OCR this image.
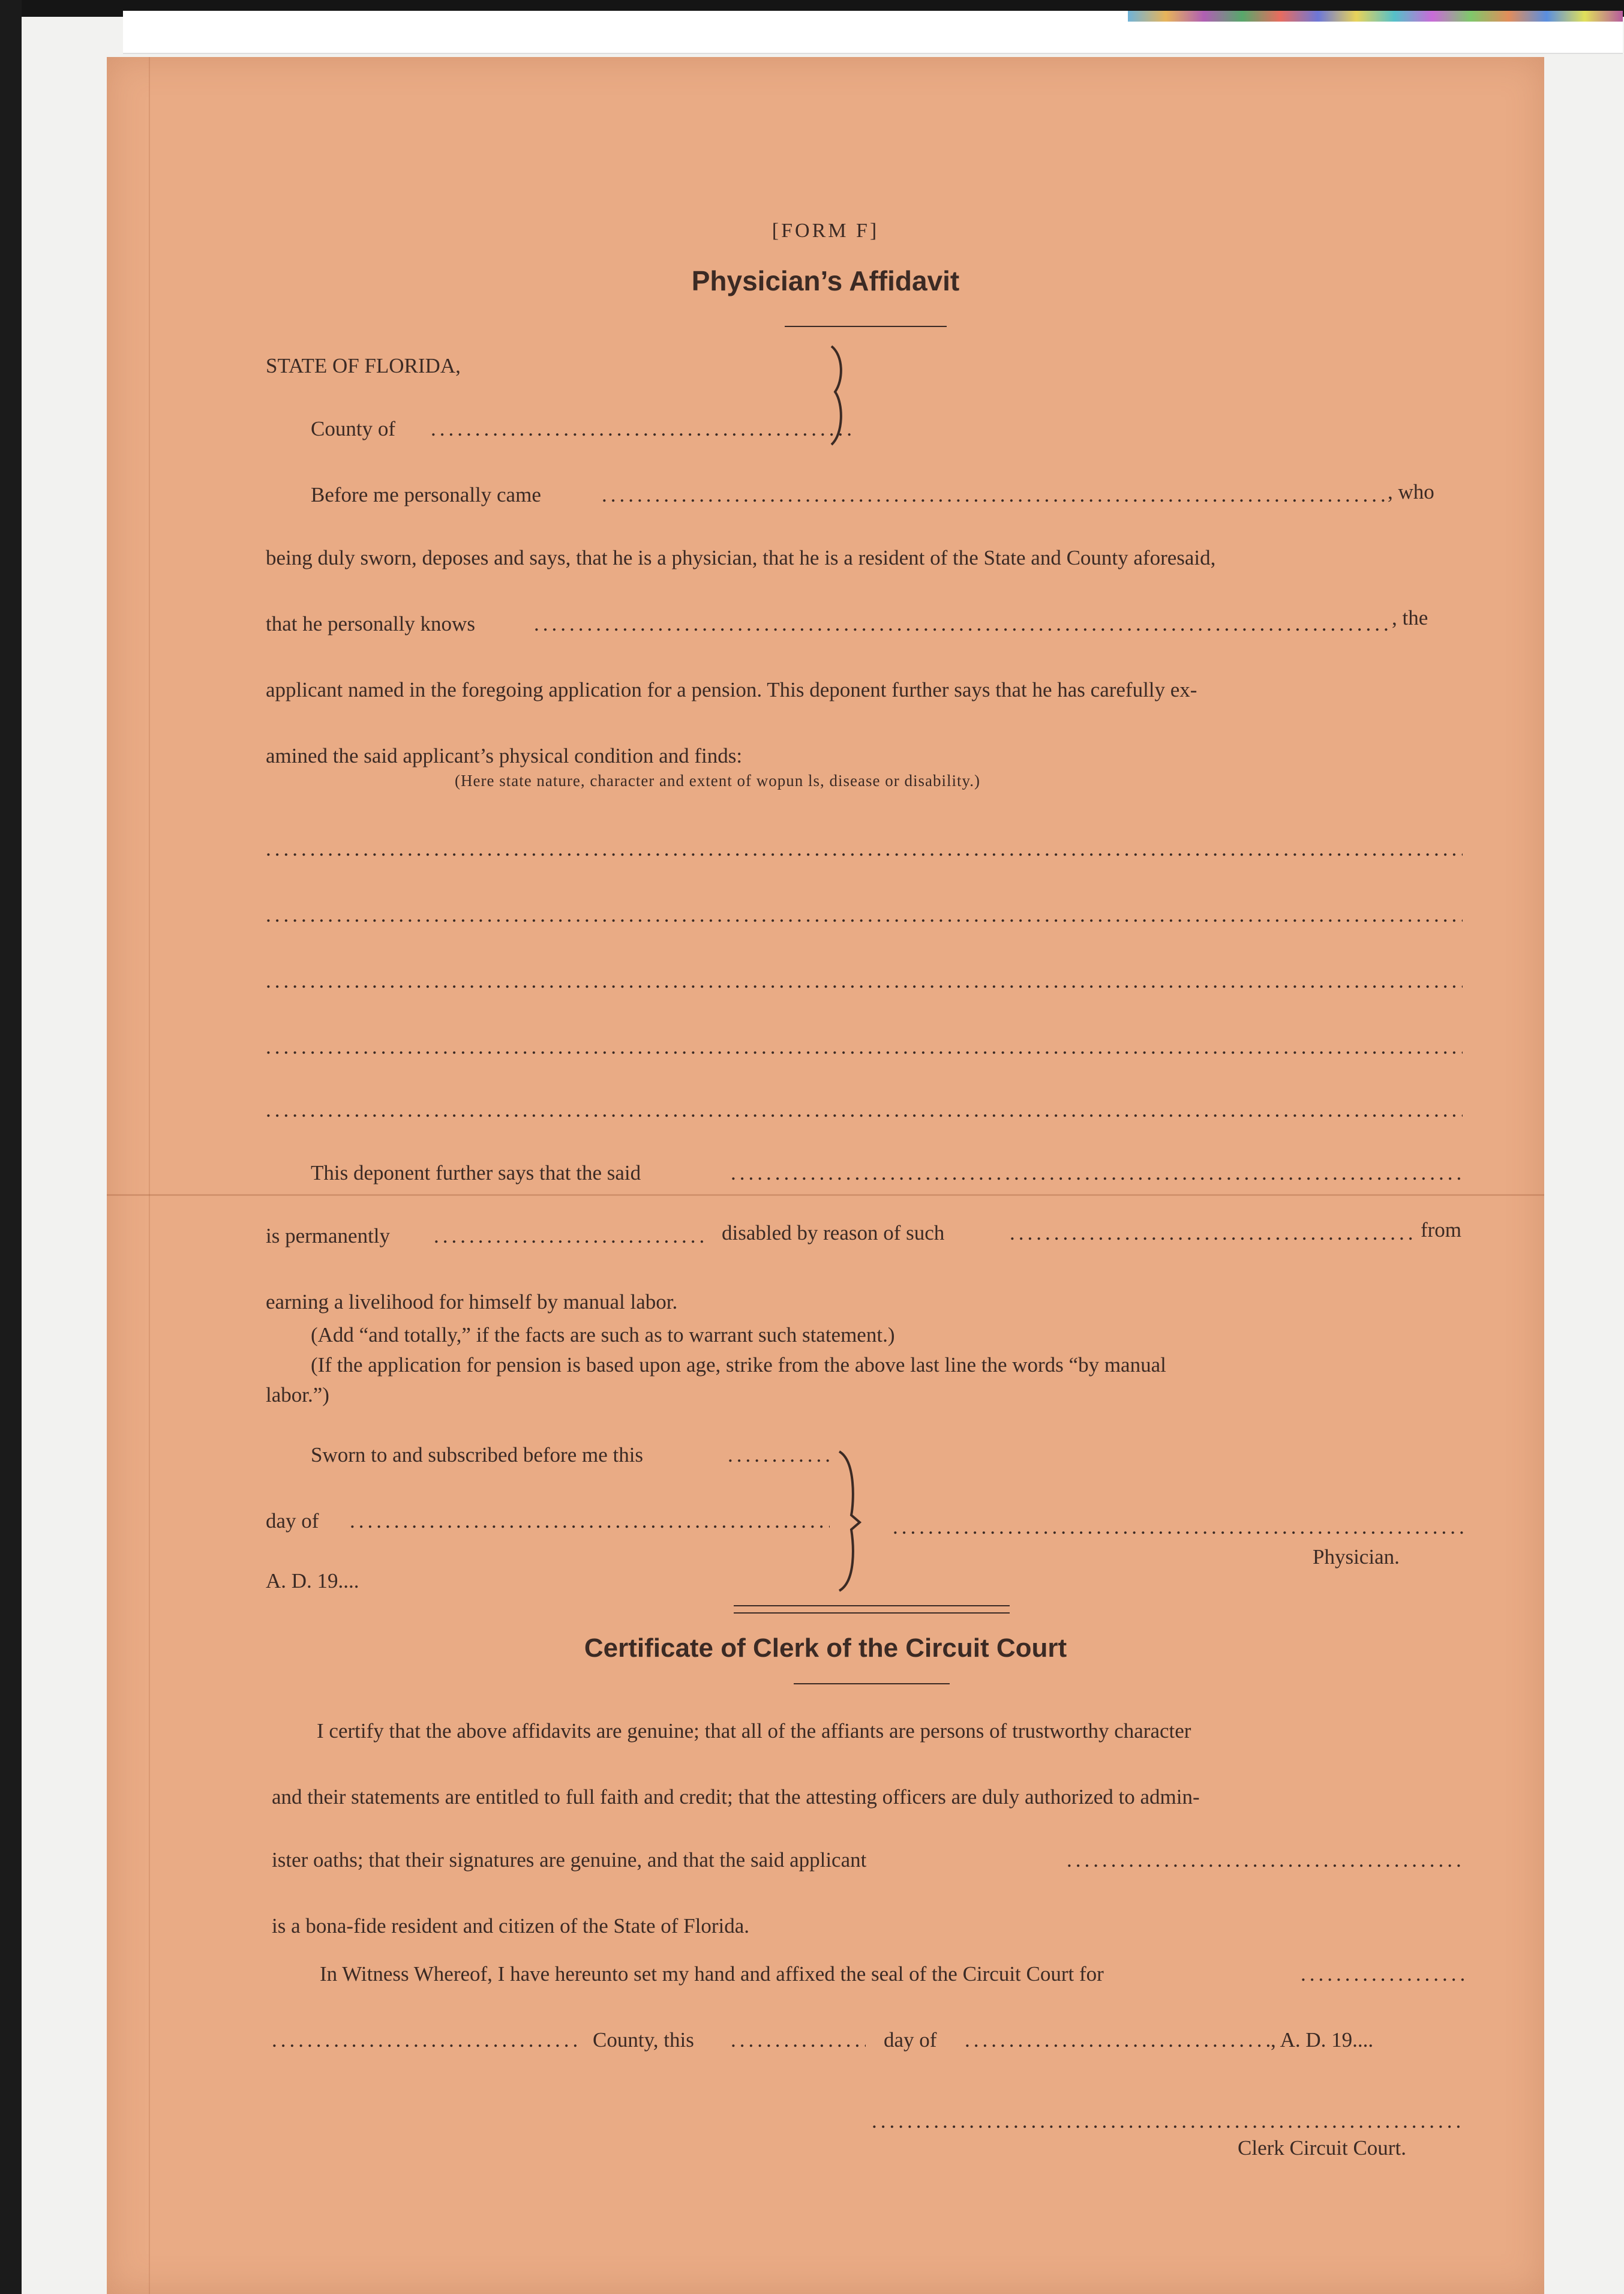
[FORM F]
Physician’s Affidavit
STATE OF FLORIDA,
County of
.....
Before me personally came .....	, who
being duly sworn, deposes and says, that he is a physician, that he is a resident of the State and County aforesaid,
that he personally knows .....	, the
applicant named in the foregoing application for a pension. This deponent further says that he has carefully ex-
amined the said applicant’s physical condition and finds:
(Here state nature, character and extent of wopun ls, disease or disability.)
.....
.....
.....
.....
.....
This deponent further says that the said
.....
is permanently .....	disabled by reason of such .....	from
earning a livelihood for himself by manual labor.
(Add “and totally,” if the facts are such as to warrant such statement.)
(If the application for pension is based upon age, strike from the above last line the words “by manual
labor.”)
Sworn to and subscribed before me this
.....
day of
.....
A. D. 19....
.....
Physician.
Certificate of Clerk of the Circuit Court
I certify that the above affidavits are genuine; that all of the affiants are persons of trustworthy character
and their statements are entitled to full faith and credit; that the attesting officers are duly authorized to admin-
ister oaths; that their signatures are genuine, and that the said applicant
.....
is a bona-fide resident and citizen of the State of Florida.
In Witness Whereof, I have hereunto set my hand and affixed the seal of the Circuit Court for
.....
.....
County, this .....	day of .....	, A. D. 19....
.....
Clerk Circuit Court.
